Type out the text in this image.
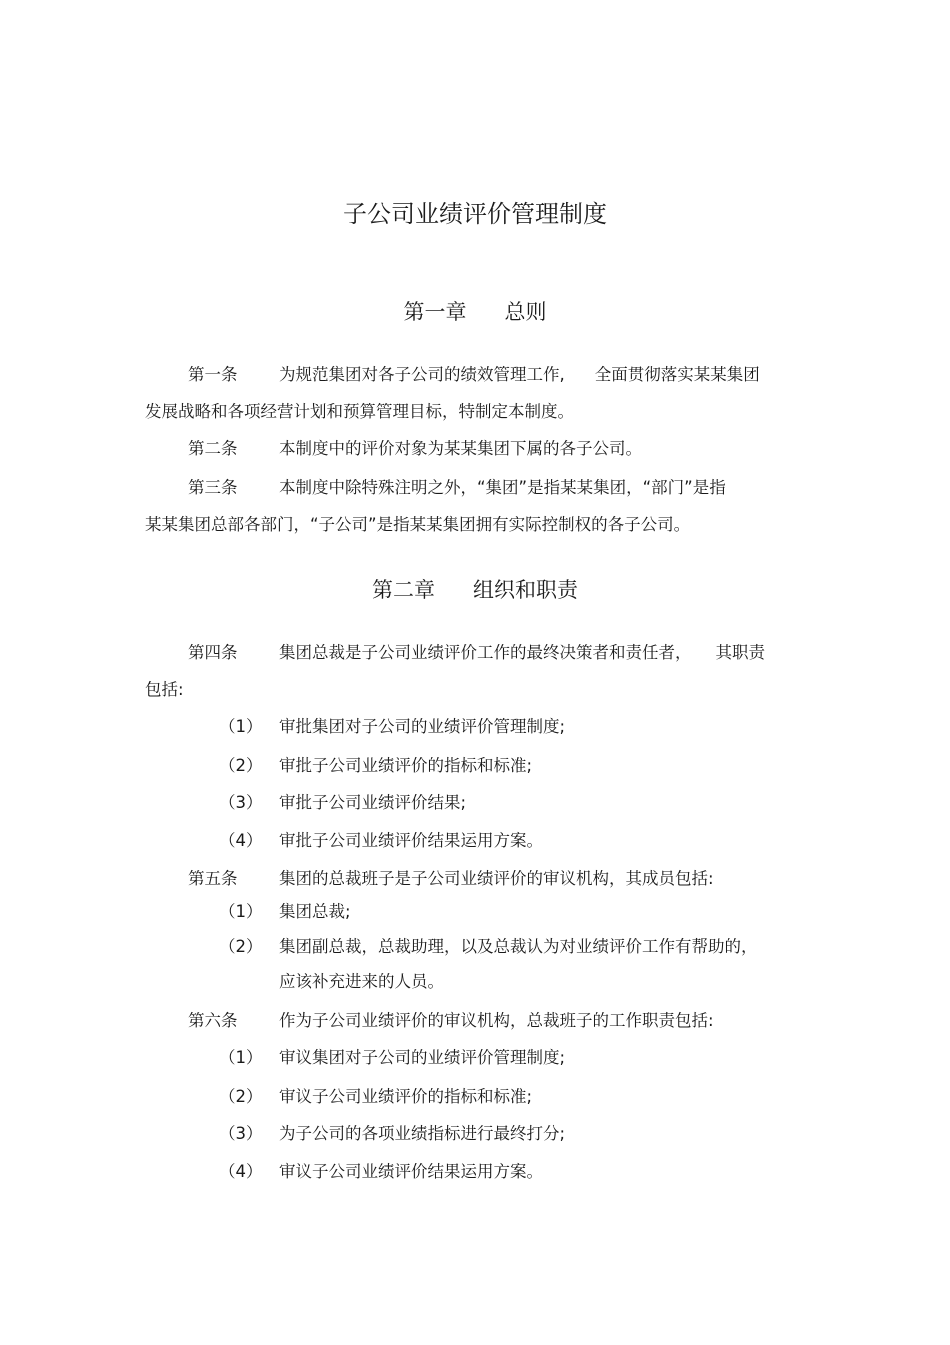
子公司业绩评价管理制度
第一章 总则
第一条	为规范集团对各子公司的绩效管理工作, 全面贯彻落实某某集团
发展战略和各项经营计划和预算管理目标，特制定本制度。
第二条	本制度中的评价对象为某某集团下属的各子公司。
第三条	本制度中除特殊注明之外，“集团”是指某某集团，“部门”是指
某某集团总部各部门，“子公司”是指某某集团拥有实际控制权的各子公司。
第二章 组织和职责
第四条	集团总裁是子公司业绩评价工作的最终决策者和责任者， 其职责
包括:
（1） 审批集团对子公司的业绩评价管理制度;
（2） 审批子公司业绩评价的指标和标准;
（3） 审批子公司业绩评价结果;
（4） 审批子公司业绩评价结果运用方案。
第五条	集团的总裁班子是子公司业绩评价的审议机构，其成员包括:
（1） 集团总裁;
（2） 集团副总裁，总裁助理，以及总裁认为对业绩评价工作有帮助的，
应该补充进来的人员。
第六条	作为子公司业绩评价的审议机构，总裁班子的工作职责包括:
（1） 审议集团对子公司的业绩评价管理制度;
（2） 审议子公司业绩评价的指标和标准;
（3） 为子公司的各项业绩指标进行最终打分;
（4） 审议子公司业绩评价结果运用方案。
